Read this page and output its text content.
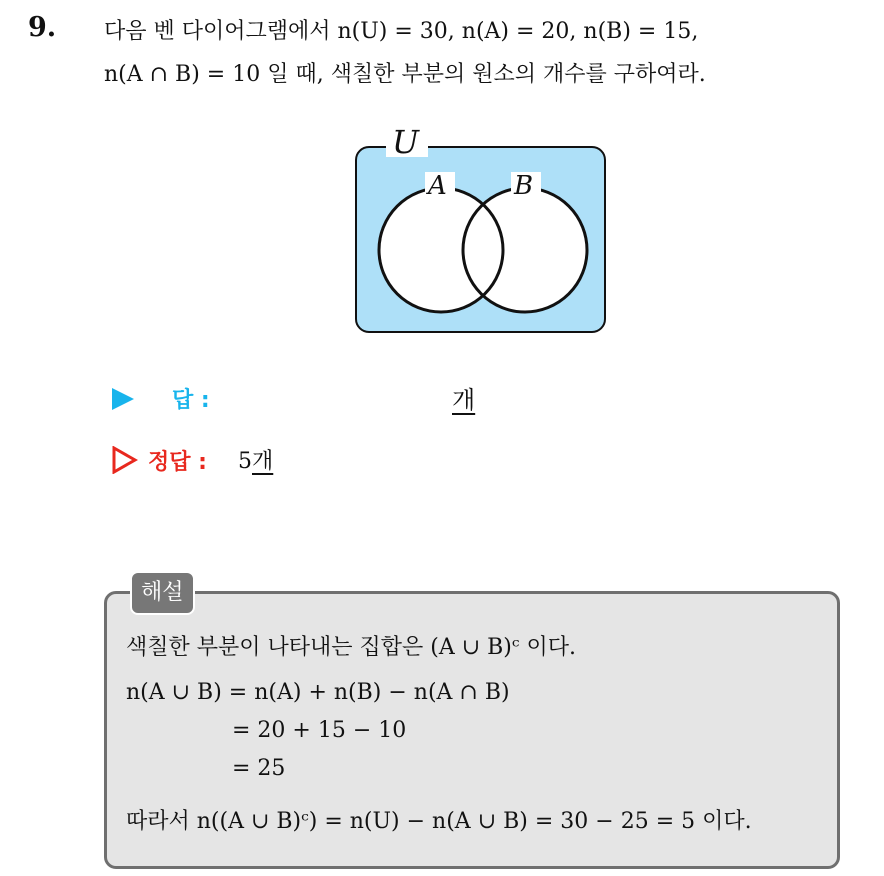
9. 다음 벤 다이어그램에서 n(U) = 30, n(A) = 20, n(B) = 15,
n(A ∩ B) = 10 일 때, 색칠한 부분의 원소의 개수를 구하여라.
U
A	B
답 :	개
정답 : 5개
해설
색칠한 부분이 나타내는 집합은 (A ∪ B)ᶜ 이다.
n(A ∪ B) = n(A) + n(B) − n(A ∩ B)
= 20 + 15 − 10
= 25
따라서 n((A ∪ B)ᶜ) = n(U) − n(A ∪ B) = 30 − 25 = 5 이다.
